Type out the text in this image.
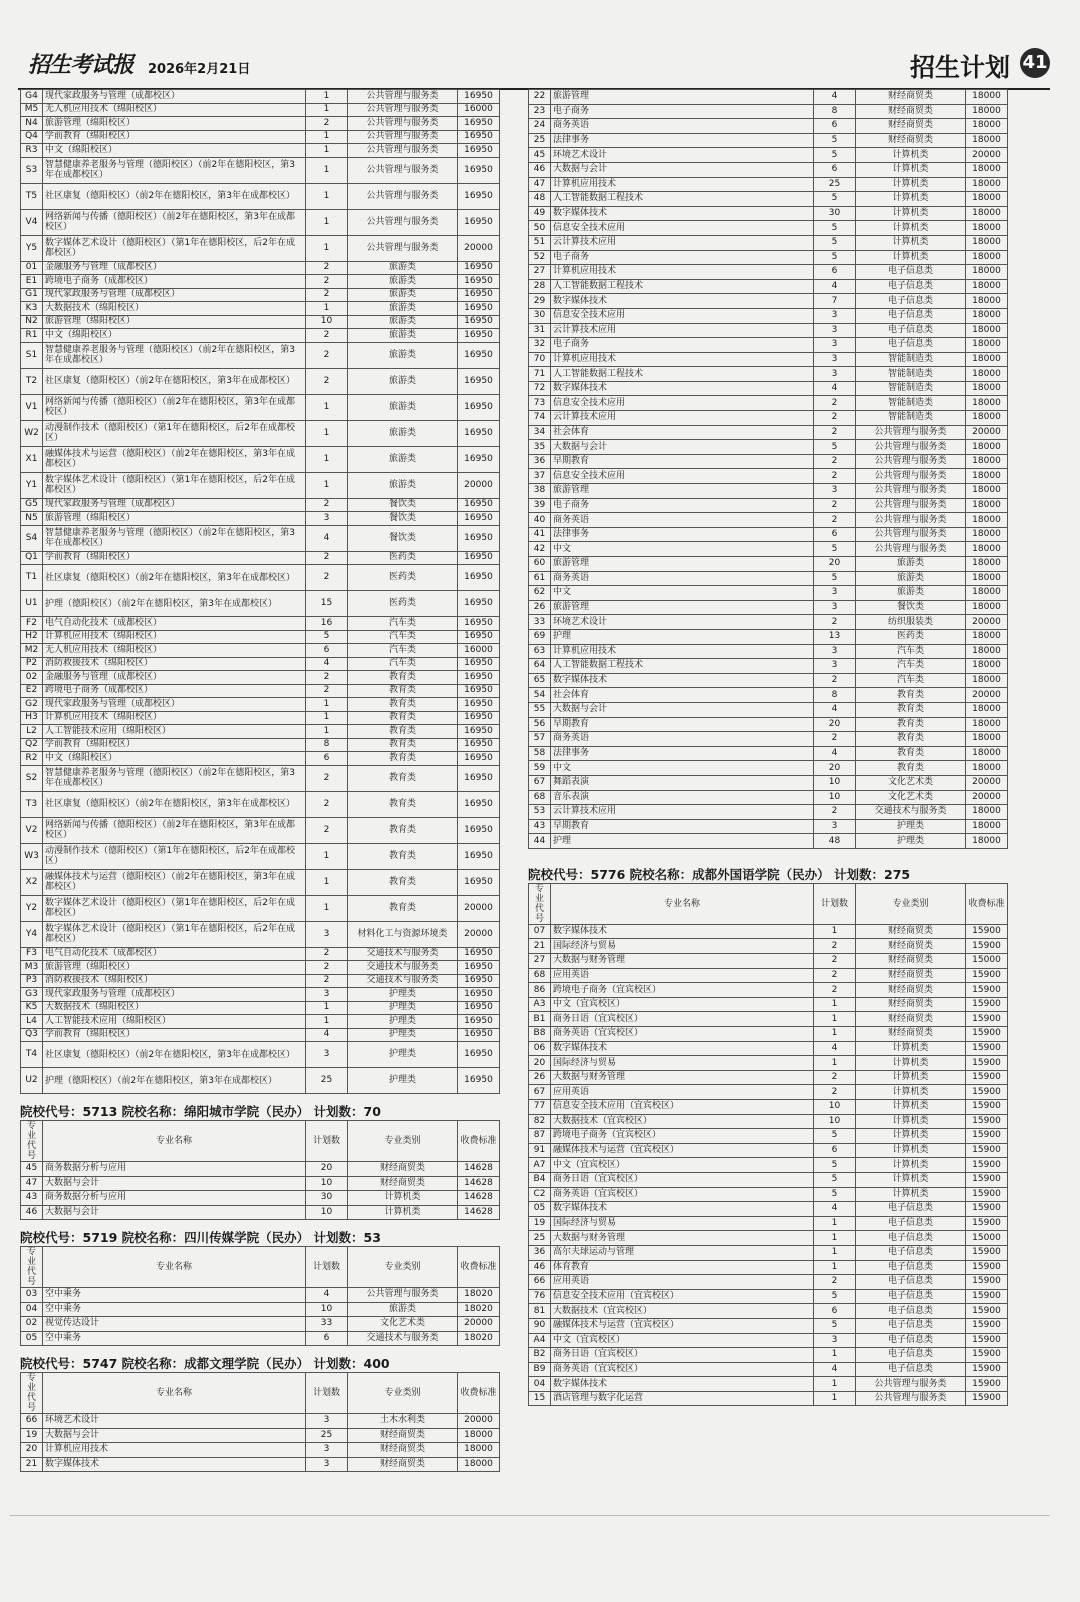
招生考试报 2026年2月21日	招生计划 41
G4	现代家政服务与管理（成都校区）	1	公共管理与服务类	16950
M5	无人机应用技术（绵阳校区）	1	公共管理与服务类	16000
N4	旅游管理（绵阳校区）	2	公共管理与服务类	16950
Q4	学前教育（绵阳校区）	1	公共管理与服务类	16950
R3	中文（绵阳校区）	1	公共管理与服务类	16950
S3	智慧健康养老服务与管理（德阳校区）（前2年在德阳校区，第3年在成都校区）	1	公共管理与服务类	16950
T5	社区康复（德阳校区）（前2年在德阳校区，第3年在成都校区）	1	公共管理与服务类	16950
V4	网络新闻与传播（德阳校区）（前2年在德阳校区，第3年在成都校区）	1	公共管理与服务类	16950
Y5	数字媒体艺术设计（德阳校区）（第1年在德阳校区，后2年在成都校区）	1	公共管理与服务类	20000
01	金融服务与管理（成都校区）	2	旅游类	16950
E1	跨境电子商务（成都校区）	2	旅游类	16950
G1	现代家政服务与管理（成都校区）	2	旅游类	16950
K3	大数据技术（绵阳校区）	1	旅游类	16950
N2	旅游管理（绵阳校区）	10	旅游类	16950
R1	中文（绵阳校区）	2	旅游类	16950
S1	智慧健康养老服务与管理（德阳校区）（前2年在德阳校区，第3年在成都校区）	2	旅游类	16950
T2	社区康复（德阳校区）（前2年在德阳校区，第3年在成都校区）	2	旅游类	16950
V1	网络新闻与传播（德阳校区）（前2年在德阳校区，第3年在成都校区）	1	旅游类	16950
W2	动漫制作技术（德阳校区）（第1年在德阳校区，后2年在成都校区）	1	旅游类	16950
X1	融媒体技术与运营（德阳校区）（前2年在德阳校区，第3年在成都校区）	1	旅游类	16950
Y1	数字媒体艺术设计（德阳校区）（第1年在德阳校区，后2年在成都校区）	1	旅游类	20000
G5	现代家政服务与管理（成都校区）	2	餐饮类	16950
N5	旅游管理（绵阳校区）	3	餐饮类	16950
S4	智慧健康养老服务与管理（德阳校区）（前2年在德阳校区，第3年在成都校区）	4	餐饮类	16950
Q1	学前教育（绵阳校区）	2	医药类	16950
T1	社区康复（德阳校区）（前2年在德阳校区，第3年在成都校区）	2	医药类	16950
U1	护理（德阳校区）（前2年在德阳校区，第3年在成都校区）	15	医药类	16950
F2	电气自动化技术（成都校区）	16	汽车类	16950
H2	计算机应用技术（绵阳校区）	5	汽车类	16950
M2	无人机应用技术（绵阳校区）	6	汽车类	16000
P2	消防救援技术（绵阳校区）	4	汽车类	16950
02	金融服务与管理（成都校区）	2	教育类	16950
E2	跨境电子商务（成都校区）	2	教育类	16950
G2	现代家政服务与管理（成都校区）	1	教育类	16950
H3	计算机应用技术（绵阳校区）	1	教育类	16950
L2	人工智能技术应用（绵阳校区）	1	教育类	16950
Q2	学前教育（绵阳校区）	8	教育类	16950
R2	中文（绵阳校区）	6	教育类	16950
S2	智慧健康养老服务与管理（德阳校区）（前2年在德阳校区，第3年在成都校区）	2	教育类	16950
T3	社区康复（德阳校区）（前2年在德阳校区，第3年在成都校区）	2	教育类	16950
V2	网络新闻与传播（德阳校区）（前2年在德阳校区，第3年在成都校区）	2	教育类	16950
W3	动漫制作技术（德阳校区）（第1年在德阳校区，后2年在成都校区）	1	教育类	16950
X2	融媒体技术与运营（德阳校区）（前2年在德阳校区，第3年在成都校区）	1	教育类	16950
Y2	数字媒体艺术设计（德阳校区）（第1年在德阳校区，后2年在成都校区）	1	教育类	20000
Y4	数字媒体艺术设计（德阳校区）（第1年在德阳校区，后2年在成都校区）	3	材料化工与资源环境类	20000
F3	电气自动化技术（成都校区）	2	交通技术与服务类	16950
M3	旅游管理（绵阳校区）	2	交通技术与服务类	16950
P3	消防救援技术（绵阳校区）	2	交通技术与服务类	16950
G3	现代家政服务与管理（成都校区）	3	护理类	16950
K5	大数据技术（绵阳校区）	1	护理类	16950
L4	人工智能技术应用（绵阳校区）	1	护理类	16950
Q3	学前教育（绵阳校区）	4	护理类	16950
T4	社区康复（德阳校区）（前2年在德阳校区，第3年在成都校区）	3	护理类	16950
U2	护理（德阳校区）（前2年在德阳校区，第3年在成都校区）	25	护理类	16950
院校代号：5713 院校名称：绵阳城市学院（民办） 计划数：70
专业代号	专业名称	计划数	专业类别	收费标准
45	商务数据分析与应用	20	财经商贸类	14628
47	大数据与会计	10	财经商贸类	14628
43	商务数据分析与应用	30	计算机类	14628
46	大数据与会计	10	计算机类	14628
院校代号：5719 院校名称：四川传媒学院（民办） 计划数：53
专业代号	专业名称	计划数	专业类别	收费标准
03	空中乘务	4	公共管理与服务类	18020
04	空中乘务	10	旅游类	18020
02	视觉传达设计	33	文化艺术类	20000
05	空中乘务	6	交通技术与服务类	18020
院校代号：5747 院校名称：成都文理学院（民办） 计划数：400
专业代号	专业名称	计划数	专业类别	收费标准
66	环境艺术设计	3	土木水利类	20000
19	大数据与会计	25	财经商贸类	18000
20	计算机应用技术	3	财经商贸类	18000
21	数字媒体技术	3	财经商贸类	18000
22	旅游管理	4	财经商贸类	18000
23	电子商务	8	财经商贸类	18000
24	商务英语	6	财经商贸类	18000
25	法律事务	5	财经商贸类	18000
45	环境艺术设计	5	计算机类	20000
46	大数据与会计	6	计算机类	18000
47	计算机应用技术	25	计算机类	18000
48	人工智能数据工程技术	5	计算机类	18000
49	数字媒体技术	30	计算机类	18000
50	信息安全技术应用	5	计算机类	18000
51	云计算技术应用	5	计算机类	18000
52	电子商务	5	计算机类	18000
27	计算机应用技术	6	电子信息类	18000
28	人工智能数据工程技术	4	电子信息类	18000
29	数字媒体技术	7	电子信息类	18000
30	信息安全技术应用	3	电子信息类	18000
31	云计算技术应用	3	电子信息类	18000
32	电子商务	3	电子信息类	18000
70	计算机应用技术	3	智能制造类	18000
71	人工智能数据工程技术	3	智能制造类	18000
72	数字媒体技术	4	智能制造类	18000
73	信息安全技术应用	2	智能制造类	18000
74	云计算技术应用	2	智能制造类	18000
34	社会体育	2	公共管理与服务类	20000
35	大数据与会计	5	公共管理与服务类	18000
36	早期教育	2	公共管理与服务类	18000
37	信息安全技术应用	2	公共管理与服务类	18000
38	旅游管理	3	公共管理与服务类	18000
39	电子商务	2	公共管理与服务类	18000
40	商务英语	2	公共管理与服务类	18000
41	法律事务	6	公共管理与服务类	18000
42	中文	5	公共管理与服务类	18000
60	旅游管理	20	旅游类	18000
61	商务英语	5	旅游类	18000
62	中文	3	旅游类	18000
26	旅游管理	3	餐饮类	18000
33	环境艺术设计	2	纺织服装类	20000
69	护理	13	医药类	18000
63	计算机应用技术	3	汽车类	18000
64	人工智能数据工程技术	3	汽车类	18000
65	数字媒体技术	2	汽车类	18000
54	社会体育	8	教育类	20000
55	大数据与会计	4	教育类	18000
56	早期教育	20	教育类	18000
57	商务英语	2	教育类	18000
58	法律事务	4	教育类	18000
59	中文	20	教育类	18000
67	舞蹈表演	10	文化艺术类	20000
68	音乐表演	10	文化艺术类	20000
53	云计算技术应用	2	交通技术与服务类	18000
43	早期教育	3	护理类	18000
44	护理	48	护理类	18000
院校代号：5776 院校名称：成都外国语学院（民办） 计划数：275
专业代号	专业名称	计划数	专业类别	收费标准
07	数字媒体技术	1	财经商贸类	15900
21	国际经济与贸易	2	财经商贸类	15900
27	大数据与财务管理	2	财经商贸类	15000
68	应用英语	2	财经商贸类	15900
86	跨境电子商务（宜宾校区）	2	财经商贸类	15900
A3	中文（宜宾校区）	1	财经商贸类	15900
B1	商务日语（宜宾校区）	1	财经商贸类	15900
B8	商务英语（宜宾校区）	1	财经商贸类	15900
06	数字媒体技术	4	计算机类	15900
20	国际经济与贸易	1	计算机类	15900
26	大数据与财务管理	2	计算机类	15900
67	应用英语	2	计算机类	15900
77	信息安全技术应用（宜宾校区）	10	计算机类	15900
82	大数据技术（宜宾校区）	10	计算机类	15900
87	跨境电子商务（宜宾校区）	5	计算机类	15900
91	融媒体技术与运营（宜宾校区）	6	计算机类	15900
A7	中文（宜宾校区）	5	计算机类	15900
B4	商务日语（宜宾校区）	5	计算机类	15900
C2	商务英语（宜宾校区）	5	计算机类	15900
05	数字媒体技术	4	电子信息类	15900
19	国际经济与贸易	1	电子信息类	15900
25	大数据与财务管理	1	电子信息类	15000
36	高尔夫球运动与管理	1	电子信息类	15900
46	体育教育	1	电子信息类	15900
66	应用英语	2	电子信息类	15900
76	信息安全技术应用（宜宾校区）	5	电子信息类	15900
81	大数据技术（宜宾校区）	6	电子信息类	15900
90	融媒体技术与运营（宜宾校区）	5	电子信息类	15900
A4	中文（宜宾校区）	3	电子信息类	15900
B2	商务日语（宜宾校区）	1	电子信息类	15900
B9	商务英语（宜宾校区）	4	电子信息类	15900
04	数字媒体技术	1	公共管理与服务类	15900
15	酒店管理与数字化运营	1	公共管理与服务类	15900
